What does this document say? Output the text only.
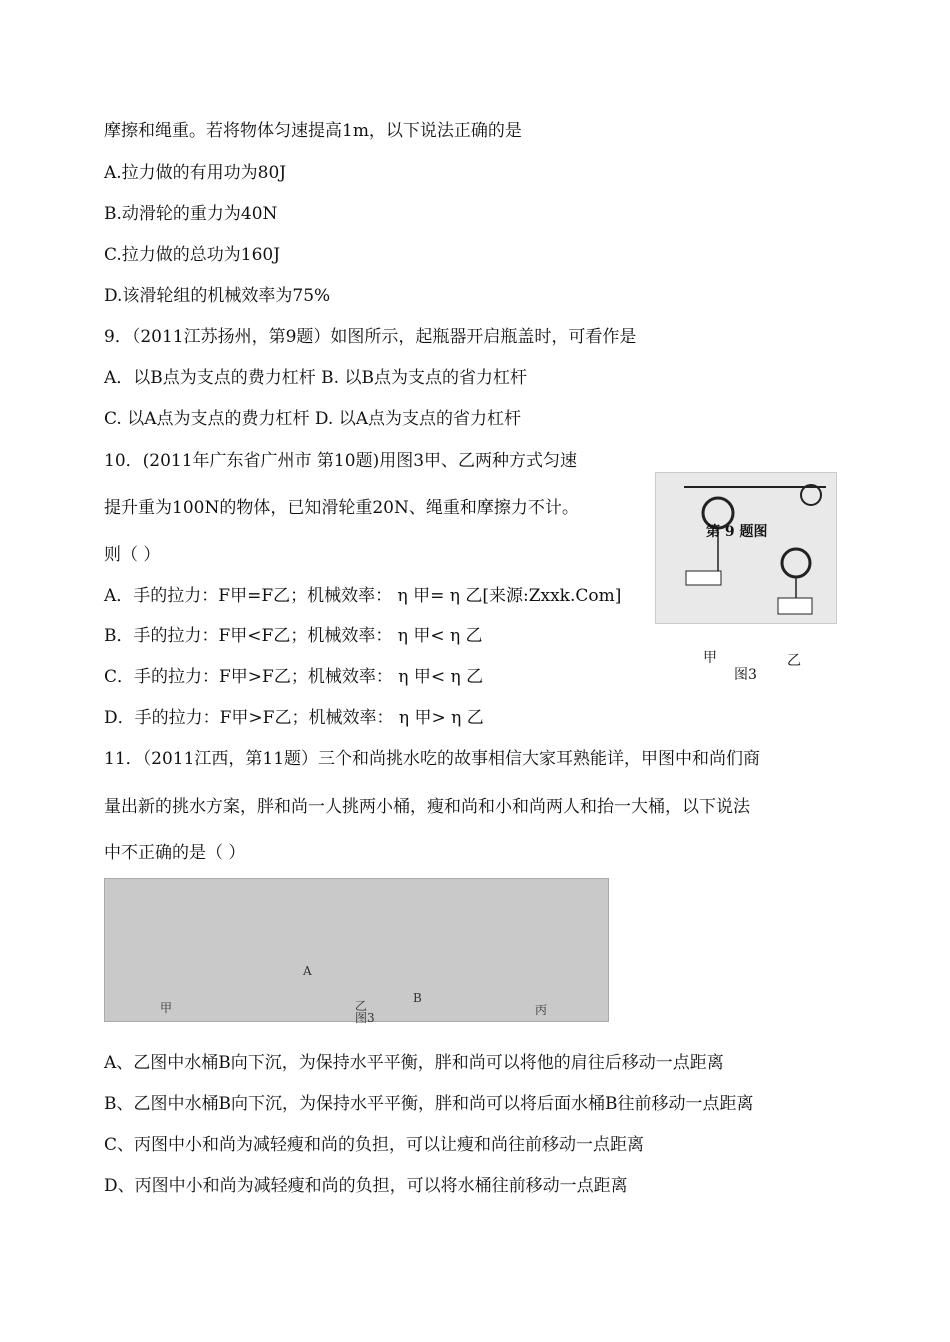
摩擦和绳重。若将物体匀速提高1m，以下说法正确的是
A.拉力做的有用功为80J
B.动滑轮的重力为40N
C.拉力做的总功为160J
D.该滑轮组的机械效率为75%
9．（2011江苏扬州，第9题）如图所示，起瓶器开启瓶盖时，可看作是
A．以B点为支点的费力杠杆 B. 以B点为支点的省力杠杆
C. 以A点为支点的费力杠杆 D. 以A点为支点的省力杠杆
10．(2011年广东省广州市 第10题)用图3甲、乙两种方式匀速
提升重为100N的物体，已知滑轮重20N、绳重和摩擦力不计。
则（ ）
A．手的拉力：F甲=F乙；机械效率： η 甲= η 乙[来源:Zxxk.Com]
B．手的拉力：F甲<F乙；机械效率： η 甲< η 乙
C．手的拉力：F甲>F乙；机械效率： η 甲< η 乙
D．手的拉力：F甲>F乙；机械效率： η 甲> η 乙
11．（2011江西，第11题）三个和尚挑水吃的故事相信大家耳熟能详，甲图中和尚们商
量出新的挑水方案，胖和尚一人挑两小桶，瘦和尚和小和尚两人和抬一大桶，以下说法
中不正确的是（ ）
第 9 题图
甲	乙
图3
甲
A
B
乙	丙
图3
A、乙图中水桶B向下沉，为保持水平平衡，胖和尚可以将他的肩往后移动一点距离
B、乙图中水桶B向下沉，为保持水平平衡，胖和尚可以将后面水桶B往前移动一点距离
C、丙图中小和尚为减轻瘦和尚的负担，可以让瘦和尚往前移动一点距离
D、丙图中小和尚为减轻瘦和尚的负担，可以将水桶往前移动一点距离
